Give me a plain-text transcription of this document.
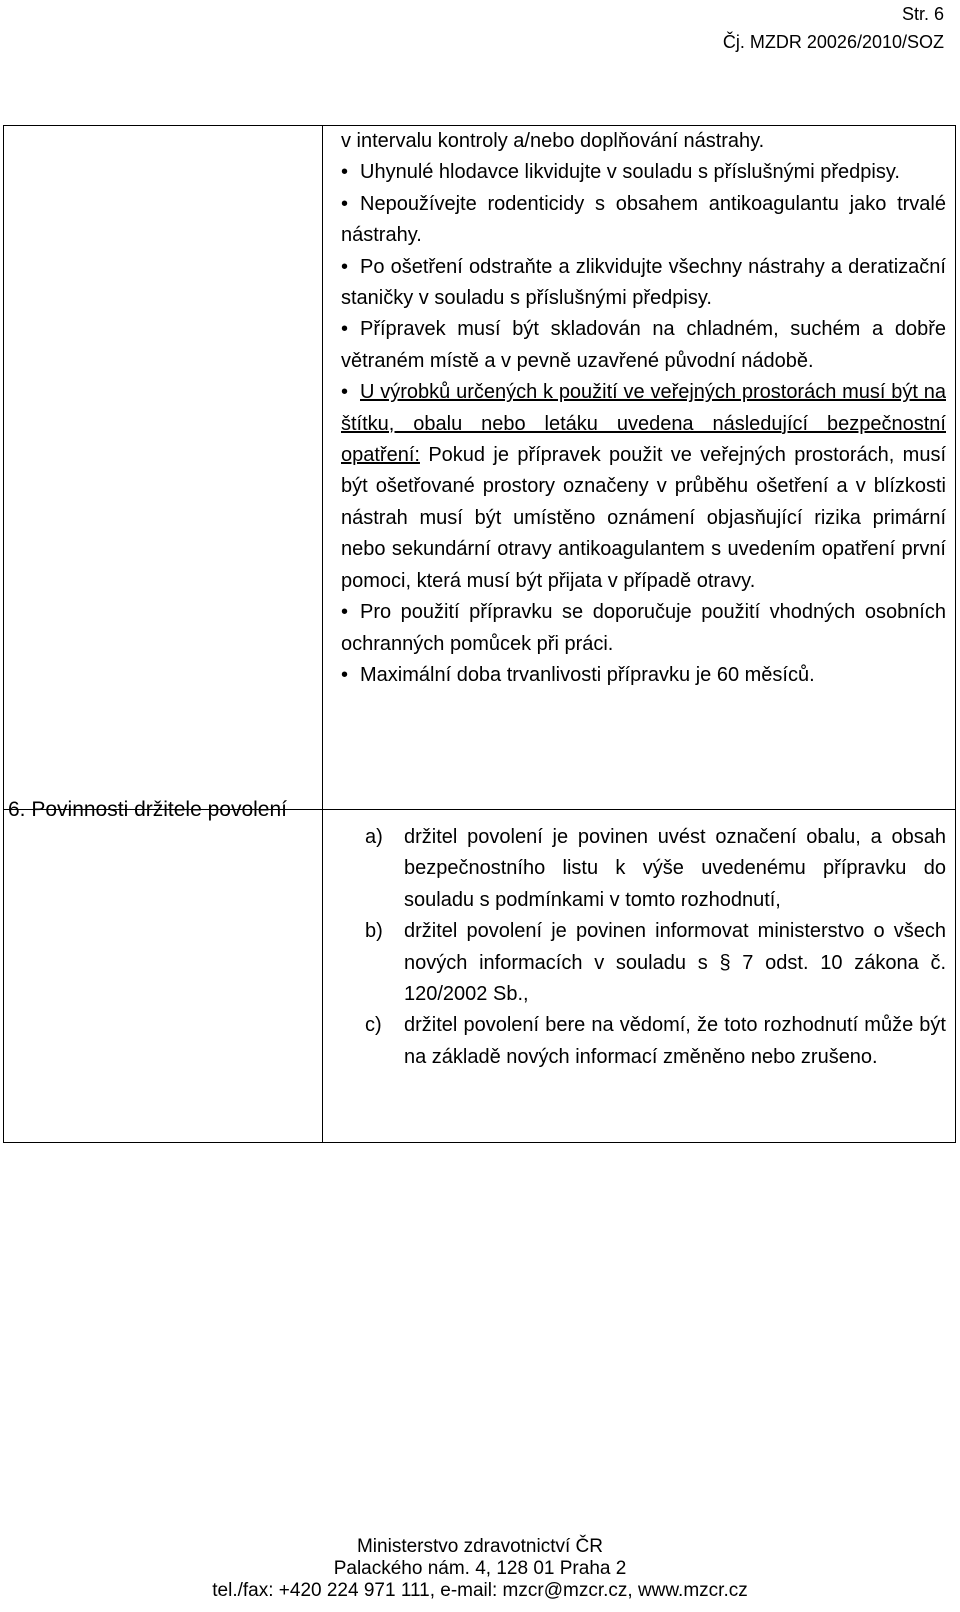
Str. 6
Čj. MZDR 20026/2010/SOZ

v intervalu kontroly a/nebo doplňování nástrahy.

• Uhynulé hlodavce likvidujte v souladu s příslušnými předpisy.

• Nepoužívejte rodenticidy s obsahem antikoagulantu jako trvalé nástrahy.

• Po ošetření odstraňte a zlikvidujte všechny nástrahy a deratizační staničky v souladu s příslušnými předpisy.

• Přípravek musí být skladován na chladném, suchém a dobře větraném místě a v pevně uzavřené původní nádobě.

• U výrobků určených k použití ve veřejných prostorách musí být na štítku, obalu nebo letáku uvedena následující bezpečnostní opatření: Pokud je přípravek použit ve veřejných prostorách, musí být ošetřované prostory označeny v průběhu ošetření a v blízkosti nástrah musí být umístěno oznámení objasňující rizika primární nebo sekundární otravy antikoagulantem s uvedením opatření první pomoci, která musí být přijata v případě otravy.

• Pro použití přípravku se doporučuje použití vhodných osobních ochranných pomůcek při práci.

• Maximální doba trvanlivosti přípravku je 60 měsíců.

6. Povinnosti držitele povolení
a) držitel povolení je povinen uvést označení obalu, a obsah bezpečnostního listu k výše uvedenému přípravku do souladu s podmínkami v tomto rozhodnutí,
b) držitel povolení je povinen informovat ministerstvo o všech nových informacích v souladu s § 7 odst. 10 zákona č. 120/2002 Sb.,
c) držitel povolení bere na vědomí, že toto rozhodnutí může být na základě nových informací změněno nebo zrušeno.
Ministerstvo zdravotnictví ČR
Palackého nám. 4, 128 01 Praha 2
tel./fax: +420 224 971 111, e-mail: mzcr@mzcr.cz, www.mzcr.cz
